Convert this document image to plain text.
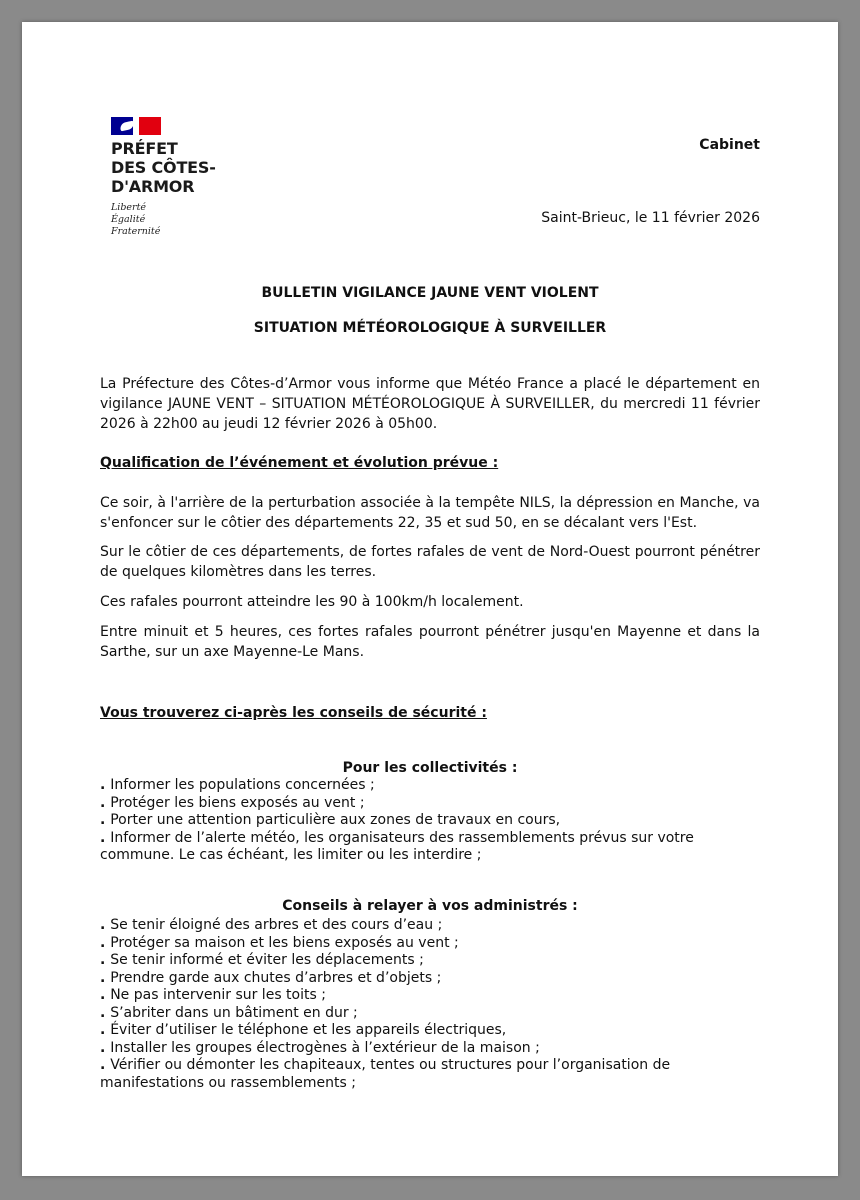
PRÉFET
DES CÔTES-
D'ARMOR
Liberté
Égalité
Fraternité
Cabinet
Saint-Brieuc, le 11 février 2026
BULLETIN VIGILANCE JAUNE VENT VIOLENT
SITUATION MÉTÉOROLOGIQUE À SURVEILLER
La Préfecture des Côtes-d’Armor vous informe que Météo France a placé le département en vigilance JAUNE VENT – SITUATION MÉTÉOROLOGIQUE À SURVEILLER, du mercredi 11 février 2026 à 22h00 au jeudi 12 février 2026 à 05h00.
Qualification de l’événement et évolution prévue :
Ce soir, à l'arrière de la perturbation associée à la tempête NILS, la dépression en Manche, va s'enfoncer sur le côtier des départements 22, 35 et sud 50, en se décalant vers l'Est.
Sur le côtier de ces départements, de fortes rafales de vent de Nord-Ouest pourront pénétrer de quelques kilomètres dans les terres.
Ces rafales pourront atteindre les 90 à 100km/h localement.
Entre minuit et 5 heures, ces fortes rafales pourront pénétrer jusqu'en Mayenne et dans la Sarthe, sur un axe Mayenne-Le Mans.
Vous trouverez ci-après les conseils de sécurité :
Pour les collectivités :
. Informer les populations concernées ;
. Protéger les biens exposés au vent ;
. Porter une attention particulière aux zones de travaux en cours,
. Informer de l’alerte météo, les organisateurs des rassemblements prévus sur votre commune. Le cas échéant, les limiter ou les interdire ;
Conseils à relayer à vos administrés :
. Se tenir éloigné des arbres et des cours d’eau ;
. Protéger sa maison et les biens exposés au vent ;
. Se tenir informé et éviter les déplacements ;
. Prendre garde aux chutes d’arbres et d’objets ;
. Ne pas intervenir sur les toits ;
. S’abriter dans un bâtiment en dur ;
. Éviter d’utiliser le téléphone et les appareils électriques,
. Installer les groupes électrogènes à l’extérieur de la maison ;
. Vérifier ou démonter les chapiteaux, tentes ou structures pour l’organisation de manifestations ou rassemblements ;
